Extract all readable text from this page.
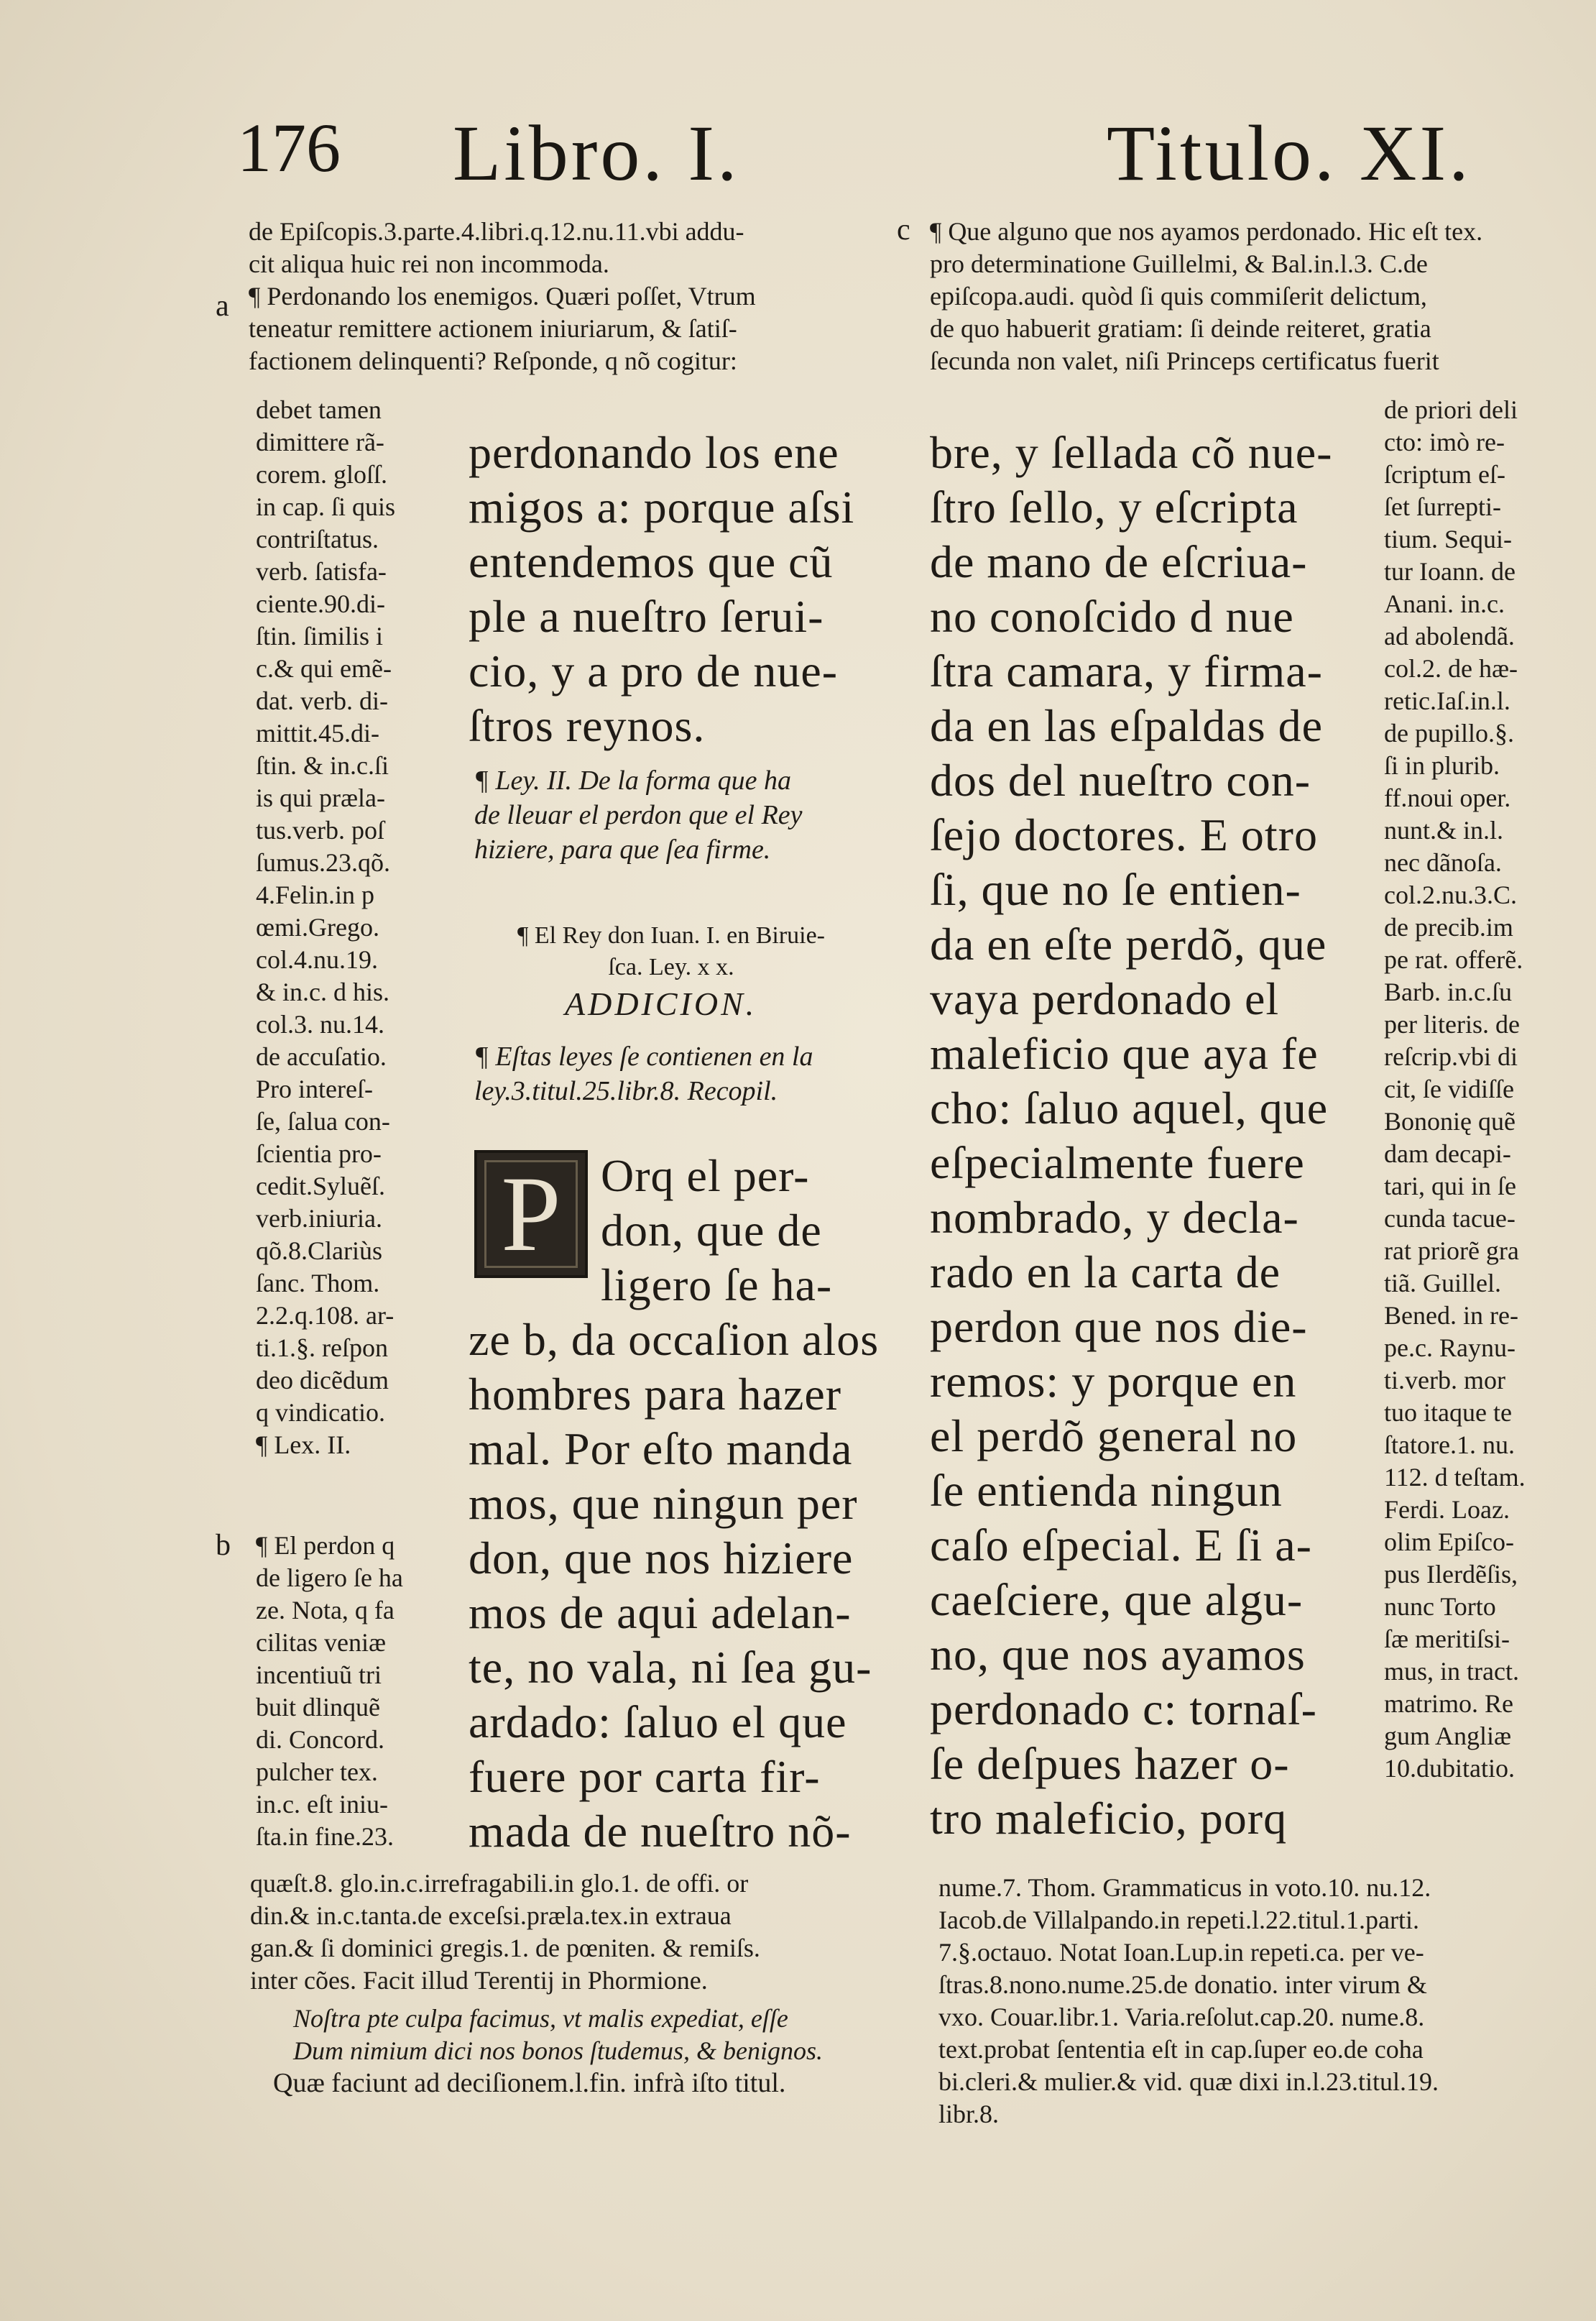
176 Libro. I.	Titulo. XI.
a
b
c
de Epiſcopis.3.parte.4.libri.q.12.nu.11.vbi addu-
cit aliqua huic rei non incommoda.
¶ Perdonando los enemigos. Quæri poſſet, Vtrum
teneatur remittere actionem iniuriarum, & ſatiſ-
factionem delinquenti? Reſponde, q nõ cogitur:
debet tamen
dimittere rã-
corem. gloſſ.
in cap. ſi quis
contriſtatus.
verb. ſatisfa-
ciente.90.di-
ſtin. ſimilis i
c.& qui emẽ-
dat. verb. di-
mittit.45.di-
ſtin. & in.c.ſi
is qui præla-
tus.verb. poſ
ſumus.23.qõ.
4.Felin.in p
œmi.Grego.
col.4.nu.19.
& in.c. d his.
col.3. nu.14.
de accuſatio.
Pro intereſ-
ſe, ſalua con-
ſcientia pro-
cedit.Syluẽſ.
verb.iniuria.
qõ.8.Clariùs
ſanc. Thom.
2.2.q.108. ar-
ti.1.§. reſpon
deo dicẽdum
q vindicatio.
¶ Lex. II.
¶ El perdon q
de ligero ſe ha
ze. Nota, q fa
cilitas veniæ
incentiuũ tri
buit dlinquẽ
di. Concord.
pulcher tex.
in.c. eſt iniu-
ſta.in fine.23.
quæſt.8. glo.in.c.irrefragabili.in glo.1. de offi. or
din.& in.c.tanta.de exceſsi.præla.tex.in extraua
gan.& ſi dominici gregis.1. de pœniten. & remiſs.
inter cões. Facit illud Terentij in Phormione.
Noſtra pte culpa facimus, vt malis expediat, eſſe
Dum nimium dici nos bonos ſtudemus, & benignos.
Quæ faciunt ad deciſionem.l.fin. infrà iſto titul.
perdonando los ene
migos a: porque aſsi
entendemos que cũ
ple a nueſtro ſerui-
cio, y a pro de nue-
ſtros reynos.
¶ Ley. II. De la forma que ha
de lleuar el perdon que el Rey
hiziere, para que ſea firme.
¶ El Rey don Iuan. I. en Biruie-
ſca. Ley. x x.
ADDICION.
¶ Eſtas leyes ſe contienen en la
ley.3.titul.25.libr.8. Recopil.
P Orq el per-
don, que de
ligero ſe ha-
ze b, da occaſion alos
hombres para hazer
mal. Por eſto manda
mos, que ningun per
don, que nos hiziere
mos de aqui adelan-
te, no vala, ni ſea gu-
ardado: ſaluo el que
fuere por carta fir-
mada de nueſtro nõ-
¶ Que alguno que nos ayamos perdonado. Hic eſt tex.
pro determinatione Guillelmi, & Bal.in.l.3. C.de
epiſcopa.audi. quòd ſi quis commiſerit delictum,
de quo habuerit gratiam: ſi deinde reiteret, gratia
ſecunda non valet, niſi Princeps certificatus fuerit
bre, y ſellada cõ nue-
ſtro ſello, y eſcripta
de mano de eſcriua-
no conoſcido d nue
ſtra camara, y firma-
da en las eſpaldas de
dos del nueſtro con-
ſejo doctores. E otro
ſi, que no ſe entien-
da en eſte perdõ, que
vaya perdonado el
maleficio que aya fe
cho: ſaluo aquel, que
eſpecialmente fuere
nombrado, y decla-
rado en la carta de
perdon que nos die-
remos: y porque en
el perdõ general no
ſe entienda ningun
caſo eſpecial. E ſi a-
caeſciere, que algu-
no, que nos ayamos
perdonado c: tornaſ-
ſe deſpues hazer o-
tro maleficio, porq
de priori deli
cto: imò re-
ſcriptum eſ-
ſet ſurrepti-
tium. Sequi-
tur Ioann. de
Anani. in.c.
ad abolendã.
col.2. de hæ-
retic.Iaſ.in.l.
de pupillo.§.
ſi in plurib.
ff.noui oper.
nunt.& in.l.
nec dãnoſa.
col.2.nu.3.C.
de precib.im
pe rat. offerẽ.
Barb. in.c.ſu
per literis. de
reſcrip.vbi di
cit, ſe vidiſſe
Bononię quẽ
dam decapi-
tari, qui in ſe
cunda tacue-
rat priorẽ gra
tiã. Guillel.
Bened. in re-
pe.c. Raynu-
ti.verb. mor
tuo itaque te
ſtatore.1. nu.
112. d teſtam.
Ferdi. Loaz.
olim Epiſco-
pus Ilerdẽſis,
nunc Torto
ſæ meritiſsi-
mus, in tract.
matrimo. Re
gum Angliæ
10.dubitatio.
nume.7. Thom. Grammaticus in voto.10. nu.12.
Iacob.de Villalpando.in repeti.l.22.titul.1.parti.
7.§.octauo. Notat Ioan.Lup.in repeti.ca. per ve-
ſtras.8.nono.nume.25.de donatio. inter virum &
vxo. Couar.libr.1. Varia.reſolut.cap.20. nume.8.
text.probat ſententia eſt in cap.ſuper eo.de coha
bi.cleri.& mulier.& vid. quæ dixi in.l.23.titul.19.
libr.8.
